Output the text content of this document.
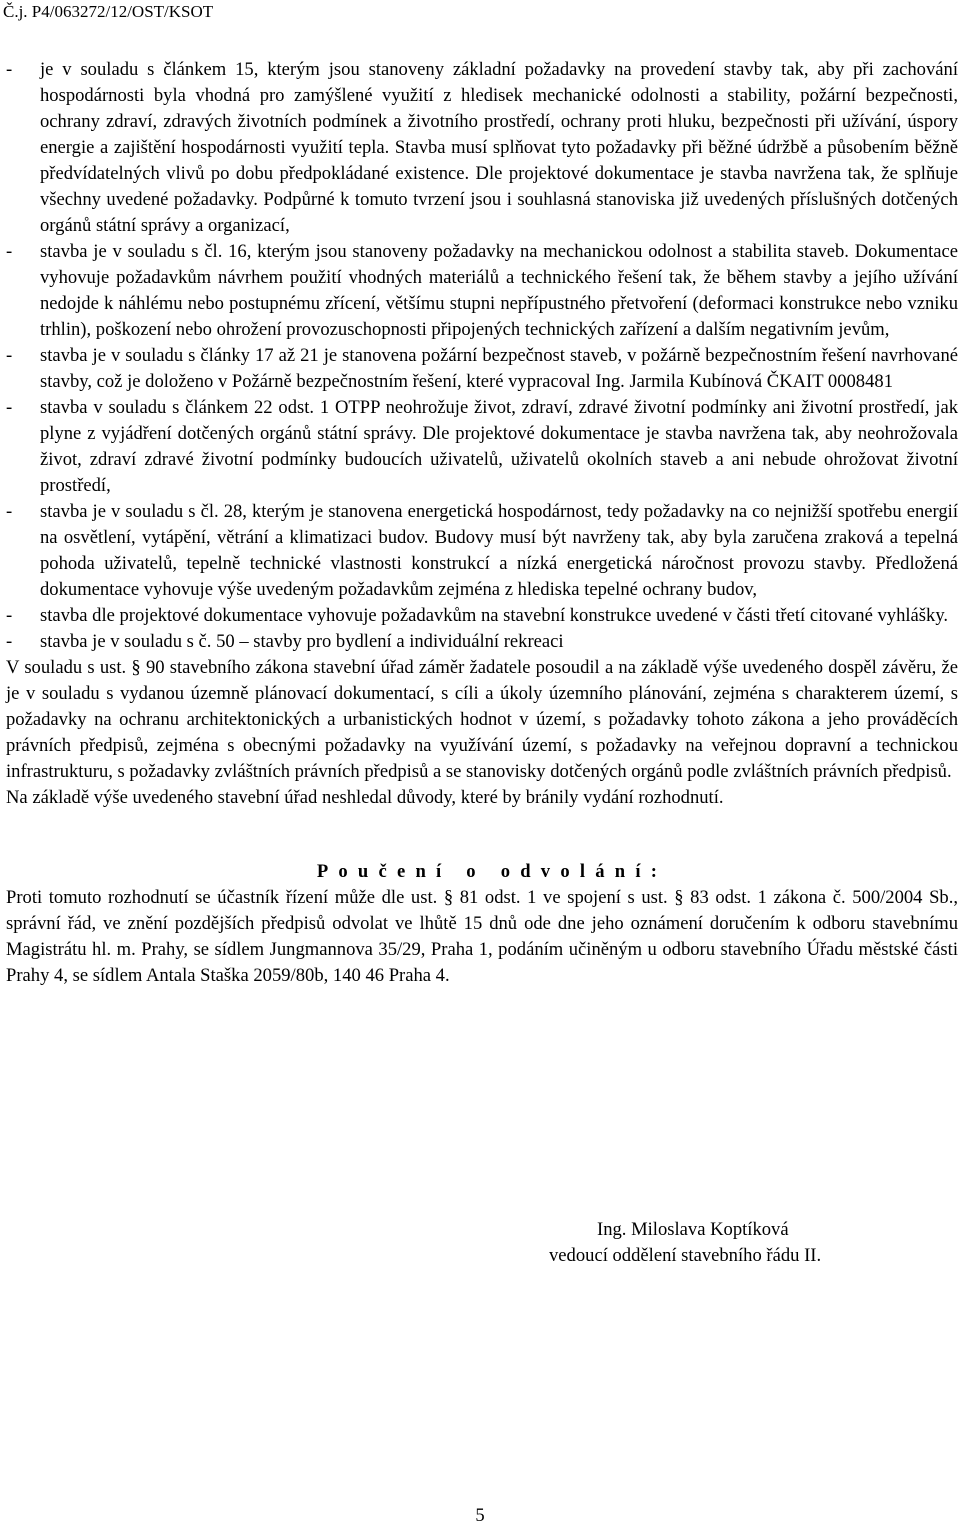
Č.j. P4/063272/12/OST/KSOT
-	je v souladu s článkem 15, kterým jsou stanoveny základní požadavky na provedení stavby tak, aby při zachování hospodárnosti byla vhodná pro zamýšlené využití z hledisek mechanické odolnosti a stability, požární bezpečnosti, ochrany zdraví, zdravých životních podmínek a životního prostředí, ochrany proti hluku, bezpečnosti při užívání, úspory energie a zajištění hospodárnosti využití tepla. Stavba musí splňovat tyto požadavky při běžné údržbě a působením běžně předvídatelných vlivů po dobu předpokládané existence. Dle projektové dokumentace je stavba navržena tak, že splňuje všechny uvedené požadavky. Podpůrné k tomuto tvrzení jsou i souhlasná stanoviska již uvedených příslušných dotčených orgánů státní správy a organizací,
-	stavba je v souladu s čl. 16, kterým jsou stanoveny požadavky na mechanickou odolnost a stabilita staveb. Dokumentace vyhovuje požadavkům návrhem použití vhodných materiálů a technického řešení tak, že během stavby a jejího užívání nedojde k náhlému nebo postupnému zřícení, většímu stupni nepřípustného přetvoření (deformaci konstrukce nebo vzniku trhlin), poškození nebo ohrožení provozuschopnosti připojených technických zařízení a dalším negativním jevům,
-	stavba je v souladu s články 17 až 21 je stanovena požární bezpečnost staveb, v požárně bezpečnostním řešení navrhované stavby, což je doloženo v Požárně bezpečnostním řešení, které vypracoval Ing. Jarmila Kubínová ČKAIT 0008481
-	stavba v souladu s článkem 22 odst. 1 OTPP neohrožuje život, zdraví, zdravé životní podmínky ani životní prostředí, jak plyne z vyjádření dotčených orgánů státní správy. Dle projektové dokumentace je stavba navržena tak, aby neohrožovala život, zdraví zdravé životní podmínky budoucích uživatelů, uživatelů okolních staveb a ani nebude ohrožovat životní prostředí,
-	stavba je v souladu s čl. 28, kterým je stanovena energetická hospodárnost, tedy požadavky na co nejnižší spotřebu energií na osvětlení, vytápění, větrání a klimatizaci budov. Budovy musí být navrženy tak, aby byla zaručena zraková a tepelná pohoda uživatelů, tepelně technické vlastnosti konstrukcí a nízká energetická náročnost provozu stavby. Předložená dokumentace vyhovuje výše uvedeným požadavkům zejména z hlediska tepelné ochrany budov,
-	stavba dle projektové dokumentace vyhovuje požadavkům na stavební konstrukce uvedené v části třetí citované vyhlášky.
-	stavba je v souladu s č. 50 – stavby pro bydlení a individuální rekreaci
V souladu s ust. § 90 stavebního zákona stavební úřad záměr žadatele posoudil a na základě výše uvedeného dospěl závěru, že je v souladu s vydanou územně plánovací dokumentací, s cíli a úkoly územního plánování, zejména s charakterem území, s požadavky na ochranu architektonických a urbanistických hodnot v území, s požadavky tohoto zákona a jeho prováděcích právních předpisů, zejména s obecnými požadavky na využívání území, s požadavky na veřejnou dopravní a technickou infrastrukturu, s požadavky zvláštních právních předpisů a se stanovisky dotčených orgánů podle zvláštních právních předpisů.
Na základě výše uvedeného stavební úřad neshledal důvody, které by bránily vydání rozhodnutí.
Poučení o odvolání:
Proti tomuto rozhodnutí se účastník řízení může dle ust. § 81 odst. 1 ve spojení s ust. § 83 odst. 1 zákona č. 500/2004 Sb., správní řád, ve znění pozdějších předpisů odvolat ve lhůtě 15 dnů ode dne jeho oznámení doručením k odboru stavebnímu Magistrátu hl. m. Prahy, se sídlem Jungmannova 35/29, Praha 1, podáním učiněným u odboru stavebního Úřadu městské části Prahy 4, se sídlem Antala Staška 2059/80b, 140 46 Praha 4.
Ing. Miloslava Koptíková
vedoucí oddělení stavebního řádu II.
5
